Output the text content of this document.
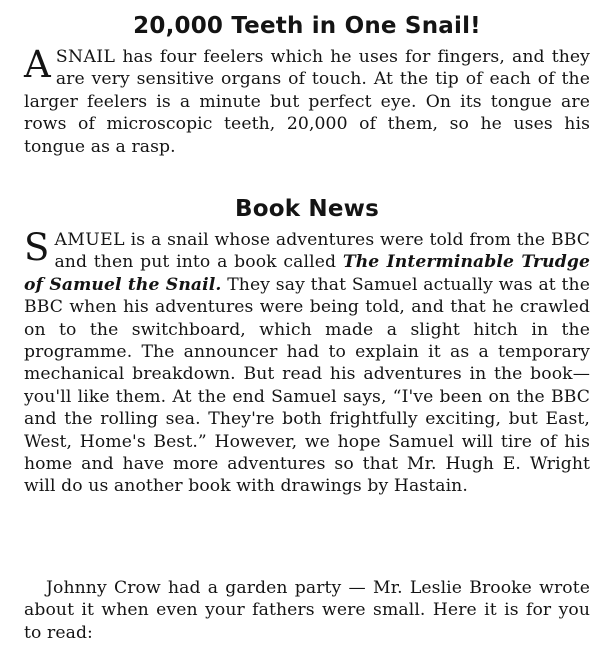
20,000 Teeth in One Snail!
ASNAIL has four feelers which he uses for fingers, and they are very sensitive organs of touch. At the tip of each of the larger feelers is a minute but perfect eye. On its tongue are rows of microscopic teeth, 20,000 of them, so he uses his tongue as a rasp.
Book News
SAMUEL is a snail whose adventures were told from the BBC and then put into a book called The Interminable Trudge of Samuel the Snail. They say that Samuel actually was at the BBC when his adventures were being told, and that he crawled on to the switchboard, which made a slight hitch in the programme. The announcer had to explain it as a temporary mechanical breakdown. But read his adventures in the book—you'll like them. At the end Samuel says, “I've been on the BBC and the rolling sea. They're both frightfully exciting, but East, West, Home's Best.” However, we hope Samuel will tire of his home and have more adventures so that Mr. Hugh E. Wright will do us another book with drawings by Hastain.
Johnny Crow had a garden party — Mr. Leslie Brooke wrote about it when even your fathers were small. Here it is for you to read:
